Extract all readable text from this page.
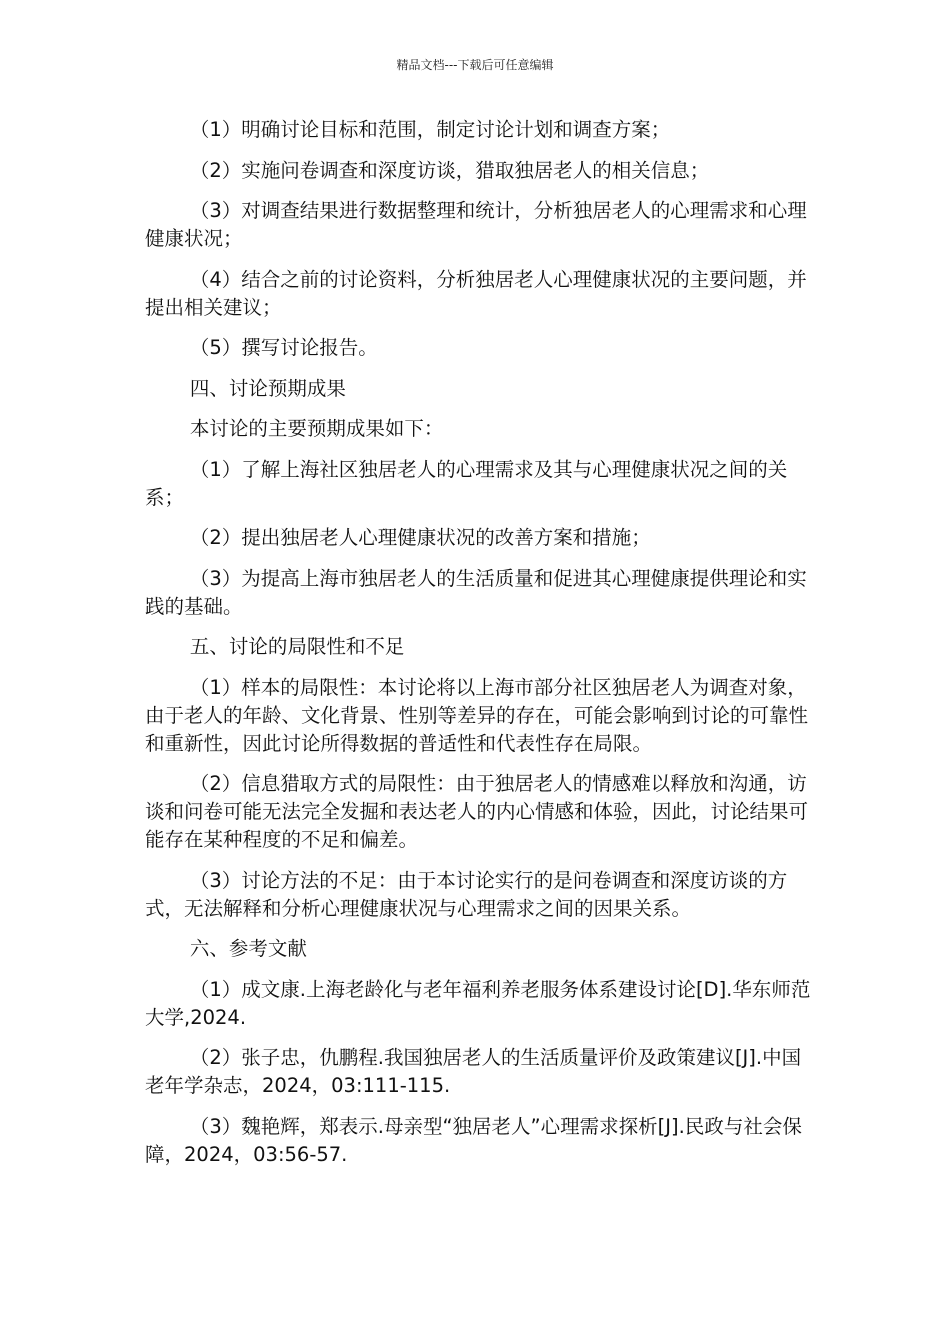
精品文档---下载后可任意编辑

（1）明确讨论目标和范围，制定讨论计划和调查方案；

（2）实施问卷调查和深度访谈，猎取独居老人的相关信息；

（3）对调查结果进行数据整理和统计，分析独居老人的心理需求和心理健康状况；

（4）结合之前的讨论资料，分析独居老人心理健康状况的主要问题，并提出相关建议；

（5）撰写讨论报告。

四、讨论预期成果

本讨论的主要预期成果如下：

（1）了解上海社区独居老人的心理需求及其与心理健康状况之间的关系；

（2）提出独居老人心理健康状况的改善方案和措施；

（3）为提高上海市独居老人的生活质量和促进其心理健康提供理论和实践的基础。

五、讨论的局限性和不足

（1）样本的局限性：本讨论将以上海市部分社区独居老人为调查对象，由于老人的年龄、文化背景、性别等差异的存在，可能会影响到讨论的可靠性和重新性，因此讨论所得数据的普适性和代表性存在局限。

（2）信息猎取方式的局限性：由于独居老人的情感难以释放和沟通，访谈和问卷可能无法完全发掘和表达老人的内心情感和体验，因此，讨论结果可能存在某种程度的不足和偏差。

（3）讨论方法的不足：由于本讨论实行的是问卷调查和深度访谈的方式，无法解释和分析心理健康状况与心理需求之间的因果关系。

六、参考文献

（1）成文康.上海老龄化与老年福利养老服务体系建设讨论[D].华东师范大学,2024.

（2）张子忠，仇鹏程.我国独居老人的生活质量评价及政策建议[J].中国老年学杂志，2024，03:111-115.

（3）魏艳辉，郑表示.母亲型“独居老人”心理需求探析[J].民政与社会保障，2024，03:56-57.
